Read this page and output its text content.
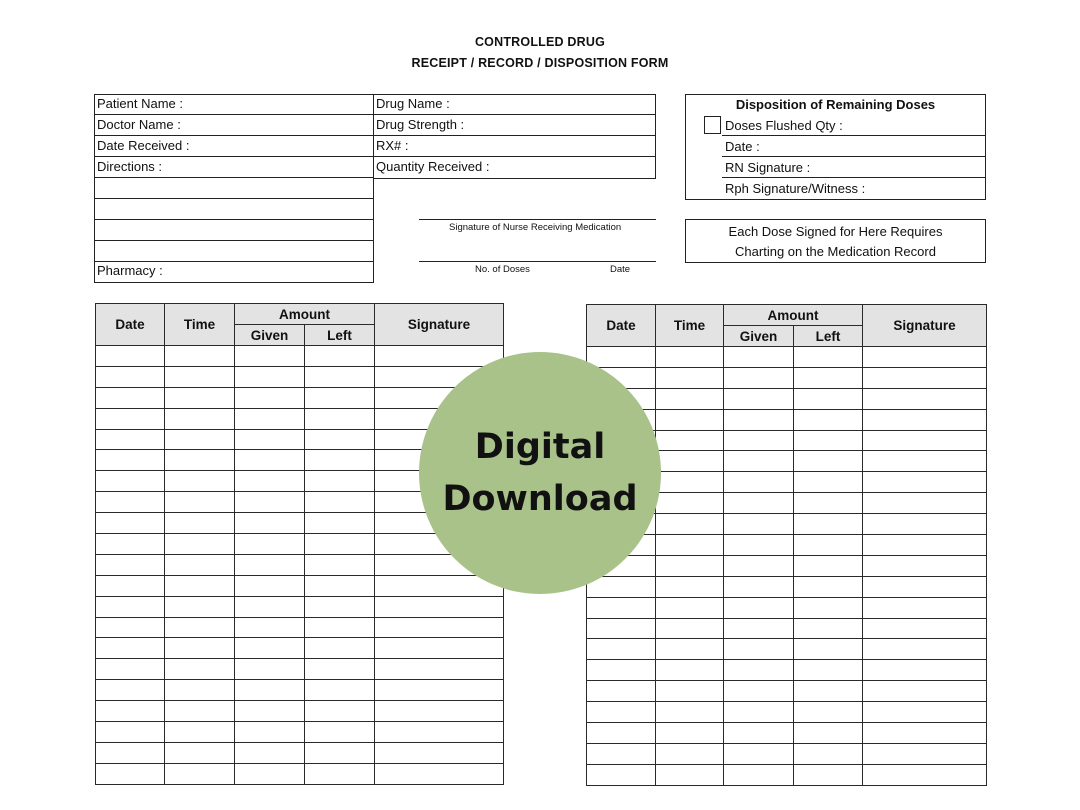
CONTROLLED DRUG
RECEIPT / RECORD / DISPOSITION FORM
Patient Name :
Doctor Name :
Date Received :
Directions :
Pharmacy :
Drug Name :
Drug Strength :
RX# :
Quantity Received :
Signature of Nurse Receiving Medication
No. of Doses	Date
Disposition of Remaining Doses
Doses Flushed Qty :
Date :
RN Signature :
Rph Signature/Witness :
Each Dose Signed for Here Requires
Charting on the Medication Record
Date	Time	Amount		Signature
		Given	Left	

Date	Time	Amount		Signature
		Given	Left	

Digital
Download
